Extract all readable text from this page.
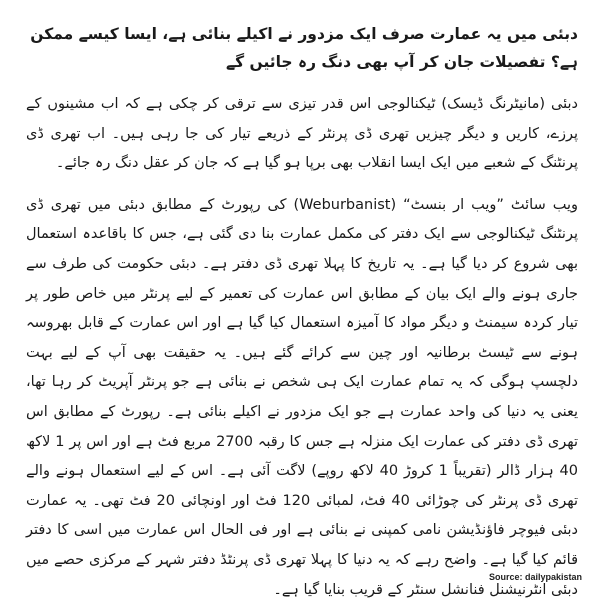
دبئی میں یہ عمارت صرف ایک مزدور نے اکیلے بنائی ہے، ایسا کیسے ممکن ہے؟ تفصیلات جان کر آپ بھی دنگ رہ جائیں گے

دبئی (مانیٹرنگ ڈیسک) ٹیکنالوجی اس قدر تیزی سے ترقی کر چکی ہے کہ اب مشینوں کے پرزے، کاریں و دیگر چیزیں تھری ڈی پرنٹر کے ذریعے تیار کی جا رہی ہیں۔ اب تھری ڈی پرنٹنگ کے شعبے میں ایک ایسا انقلاب بھی برپا ہو گیا ہے کہ جان کر عقل دنگ رہ جائے۔

ویب سائٹ ”ویب ار بنسٹ“ (Weburbanist) کی رپورٹ کے مطابق دبئی میں تھری ڈی پرنٹنگ ٹیکنالوجی سے ایک دفتر کی مکمل عمارت بنا دی گئی ہے، جس کا باقاعدہ استعمال بھی شروع کر دیا گیا ہے۔ یہ تاریخ کا پہلا تھری ڈی دفتر ہے۔ دبئی حکومت کی طرف سے جاری ہونے والے ایک بیان کے مطابق اس عمارت کی تعمیر کے لیے پرنٹر میں خاص طور پر تیار کردہ سیمنٹ و دیگر مواد کا آمیزہ استعمال کیا گیا ہے اور اس عمارت کے قابل بھروسہ ہونے سے ٹیسٹ برطانیہ اور چین سے کرائے گئے ہیں۔ یہ حقیقت بھی آپ کے لیے بہت دلچسپ ہوگی کہ یہ تمام عمارت ایک ہی شخص نے بنائی ہے جو پرنٹر آپریٹ کر رہا تھا، یعنی یہ دنیا کی واحد عمارت ہے جو ایک مزدور نے اکیلے بنائی ہے۔ رپورٹ کے مطابق اس تھری ڈی دفتر کی عمارت ایک منزلہ ہے جس کا رقبہ 2700 مربع فٹ ہے اور اس پر 1 لاکھ 40 ہزار ڈالر (تقریباً 1 کروڑ 40 لاکھ روپے) لاگت آئی ہے۔ اس کے لیے استعمال ہونے والے تھری ڈی پرنٹر کی چوڑائی 40 فٹ، لمبائی 120 فٹ اور اونچائی 20 فٹ تھی۔ یہ عمارت دبئی فیوچر فاؤنڈیشن نامی کمپنی نے بنائی ہے اور فی الحال اس عمارت میں اسی کا دفتر قائم کیا گیا ہے۔ واضح رہے کہ یہ دنیا کا پہلا تھری ڈی پرنٹڈ دفتر شہر کے مرکزی حصے میں دبئی انٹرنیشنل فنانشل سنٹر کے قریب بنایا گیا ہے۔

Source: dailypakistan
